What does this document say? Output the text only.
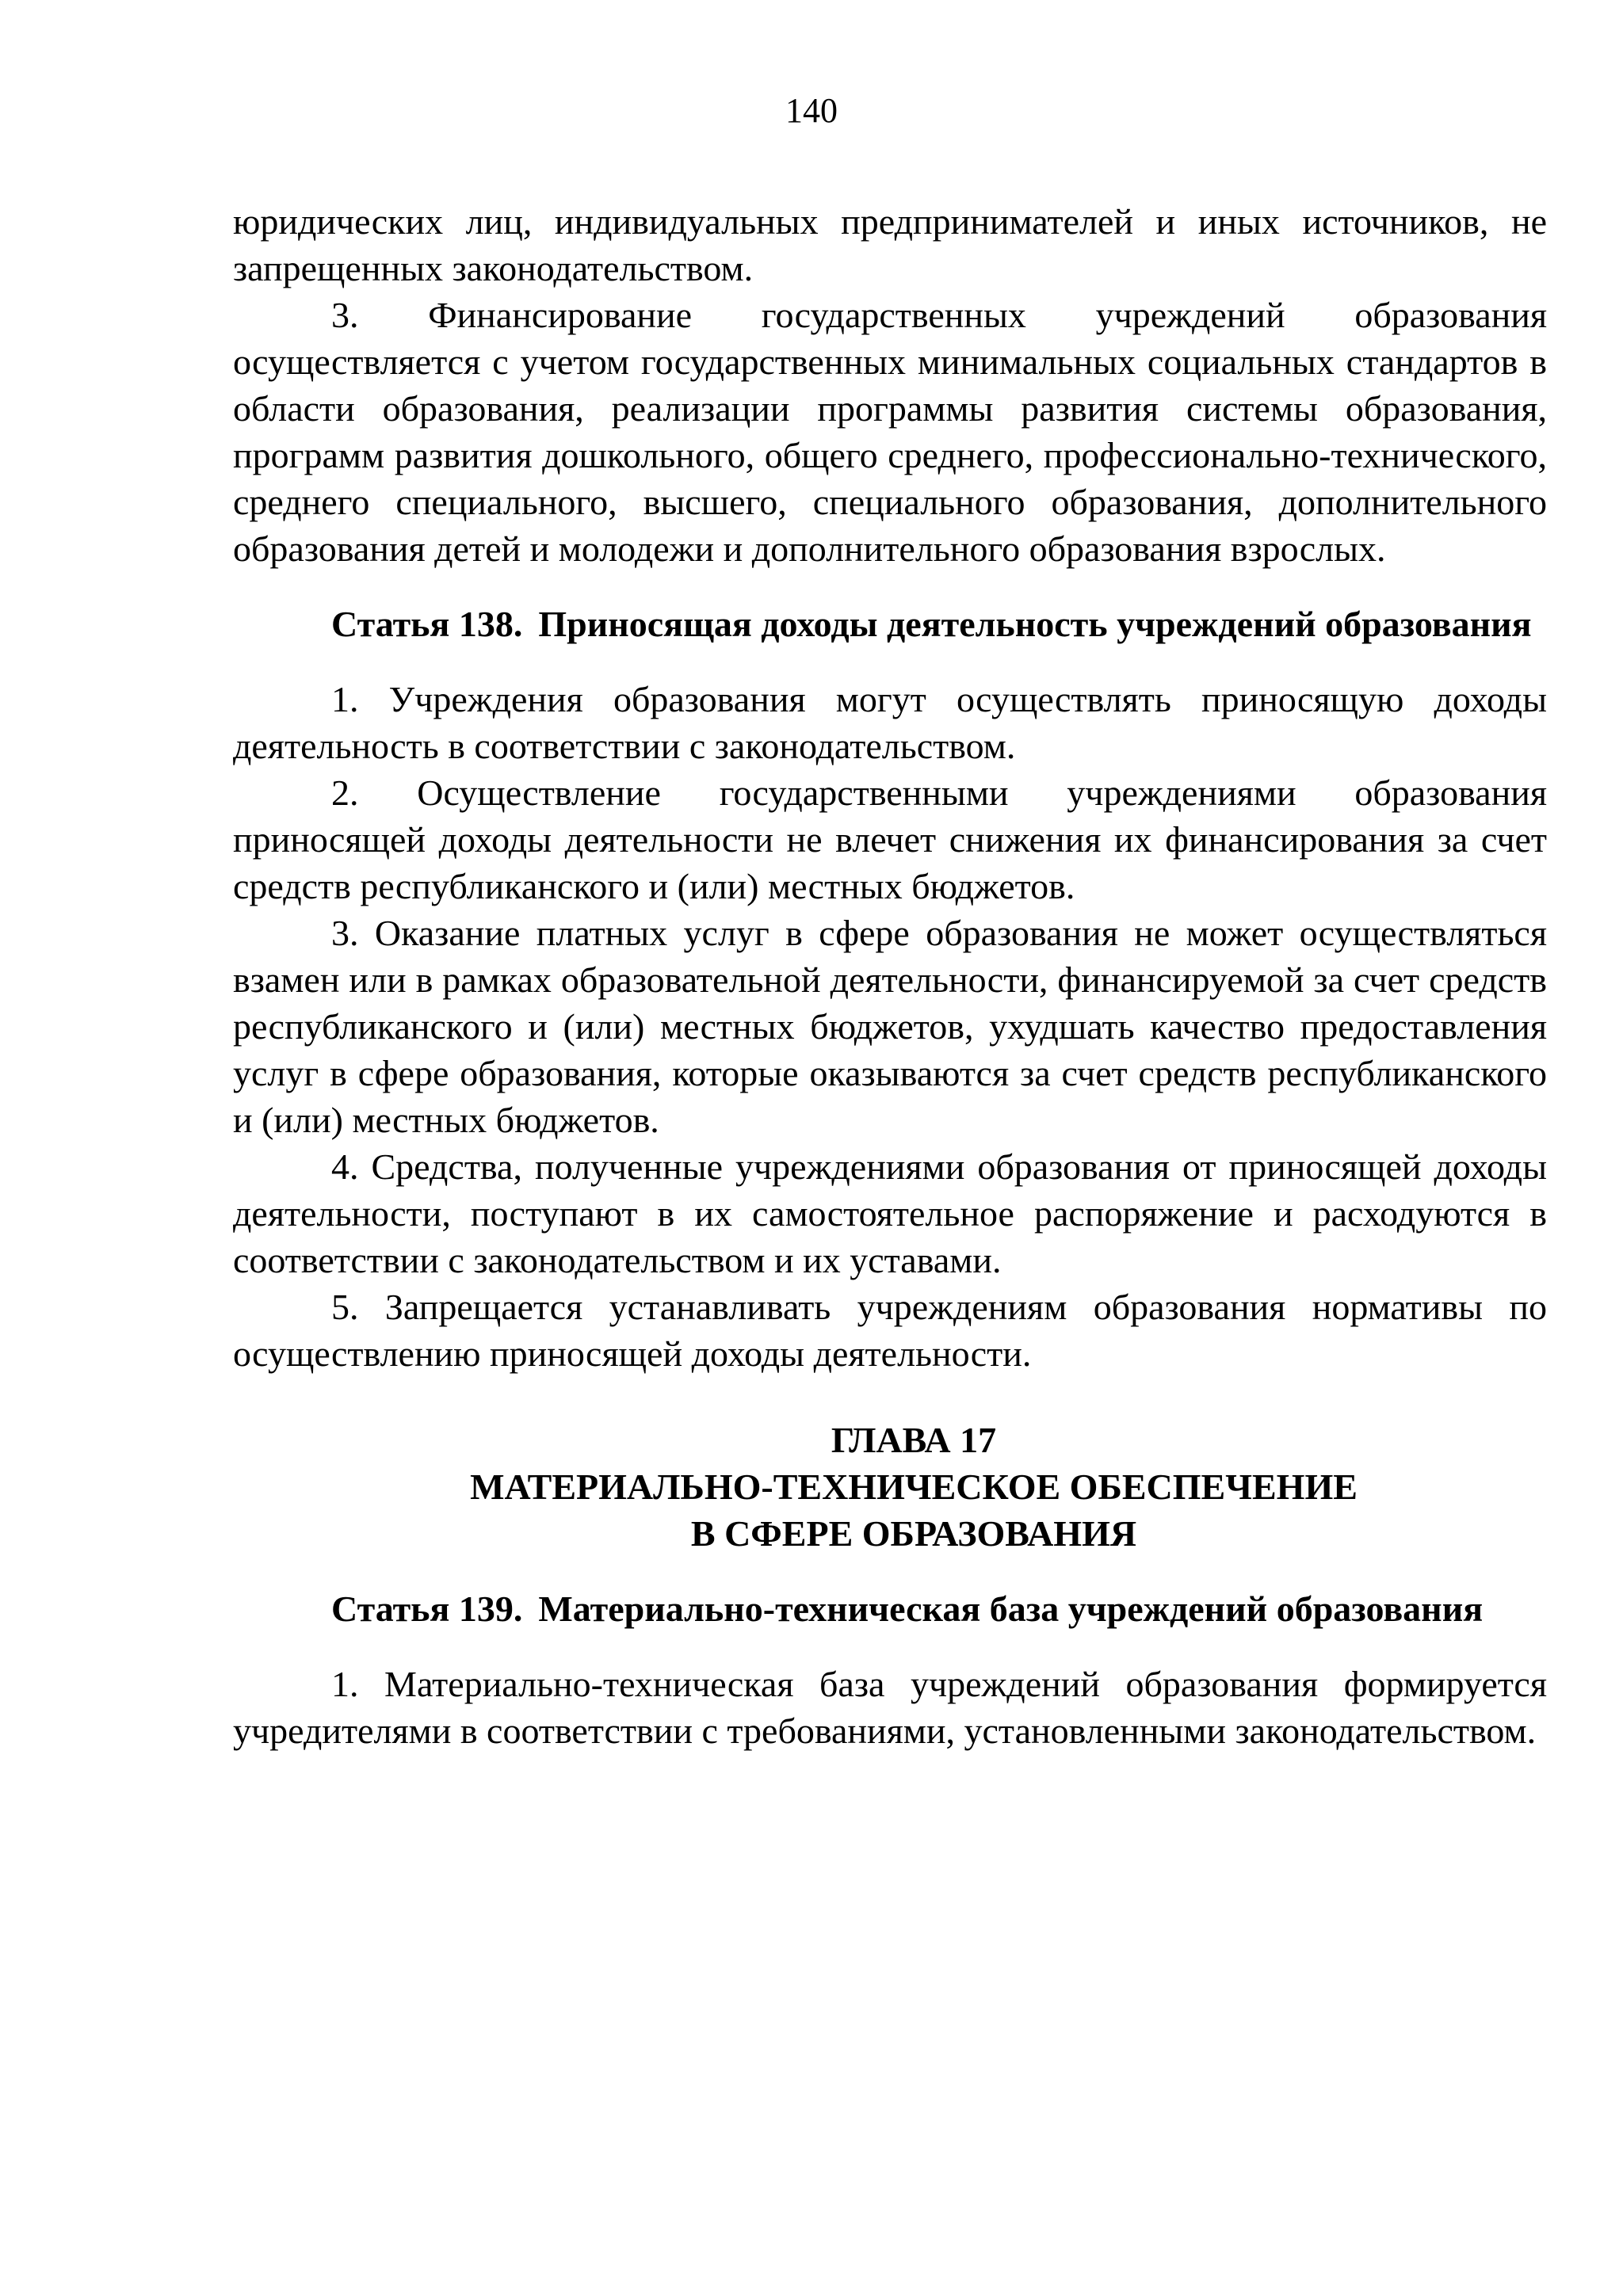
140

юридических лиц, индивидуальных предпринимателей и иных источников, не запрещенных законодательством.

3. Финансирование государственных учреждений образования осуществляется с учетом государственных минимальных социальных стандартов в области образования, реализации программы развития системы образования, программ развития дошкольного, общего среднего, профессионально-технического, среднего специального, высшего, специального образования, дополнительного образования детей и молодежи и дополнительного образования взрослых.

Статья 138. Приносящая доходы деятельность учреждений образования

1. Учреждения образования могут осуществлять приносящую доходы деятельность в соответствии с законодательством.

2. Осуществление государственными учреждениями образования приносящей доходы деятельности не влечет снижения их финансирования за счет средств республиканского и (или) местных бюджетов.

3. Оказание платных услуг в сфере образования не может осуществляться взамен или в рамках образовательной деятельности, финансируемой за счет средств республиканского и (или) местных бюджетов, ухудшать качество предоставления услуг в сфере образования, которые оказываются за счет средств республиканского и (или) местных бюджетов.

4. Средства, полученные учреждениями образования от приносящей доходы деятельности, поступают в их самостоятельное распоряжение и расходуются в соответствии с законодательством и их уставами.

5. Запрещается устанавливать учреждениям образования нормативы по осуществлению приносящей доходы деятельности.

ГЛАВА 17
МАТЕРИАЛЬНО-ТЕХНИЧЕСКОЕ ОБЕСПЕЧЕНИЕ
В СФЕРЕ ОБРАЗОВАНИЯ
Статья 139. Материально-техническая база учреждений образования

1. Материально-техническая база учреждений образования формируется учредителями в соответствии с требованиями, установленными законодательством.
